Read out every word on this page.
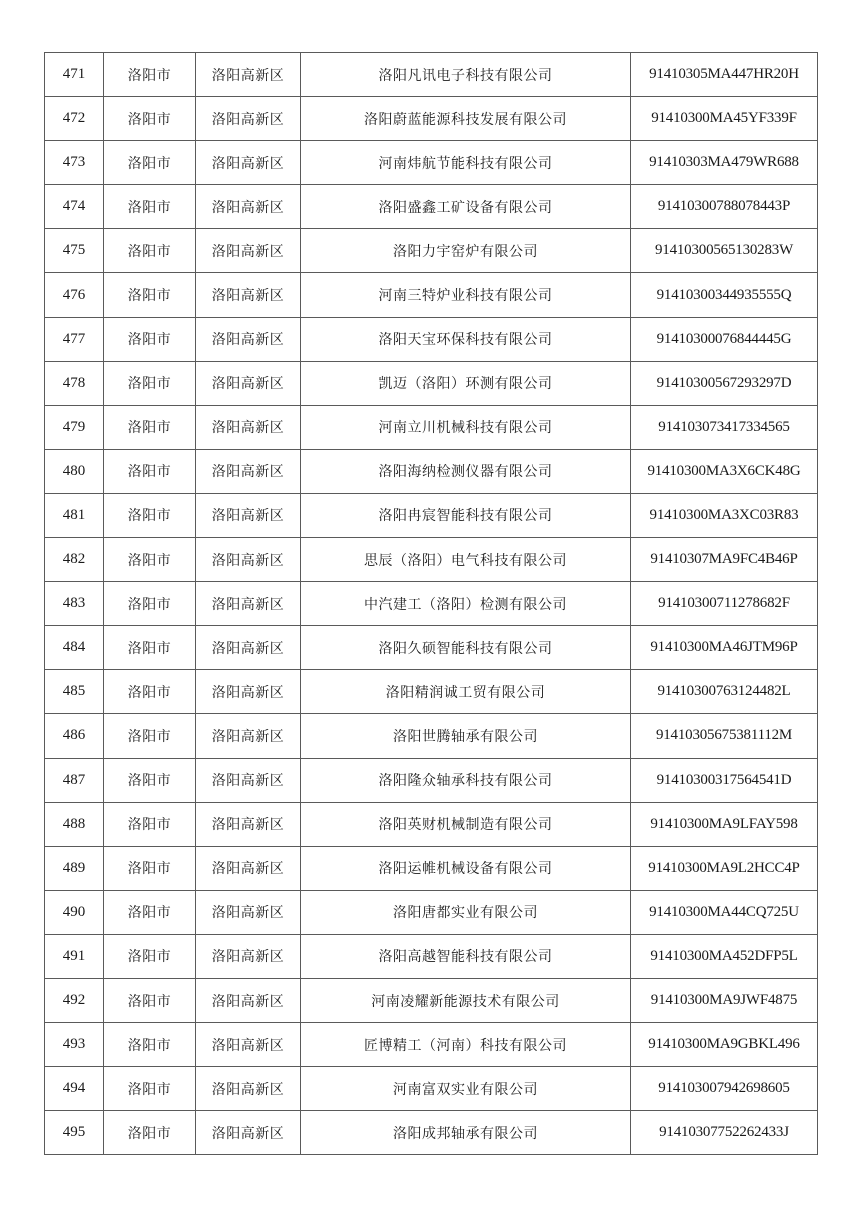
471	洛阳市	洛阳高新区	洛阳凡讯电子科技有限公司	91410305MA447HR20H
472	洛阳市	洛阳高新区	洛阳蔚蓝能源科技发展有限公司	91410300MA45YF339F
473	洛阳市	洛阳高新区	河南炜航节能科技有限公司	91410303MA479WR688
474	洛阳市	洛阳高新区	洛阳盛鑫工矿设备有限公司	91410300788078443P
475	洛阳市	洛阳高新区	洛阳力宇窑炉有限公司	91410300565130283W
476	洛阳市	洛阳高新区	河南三特炉业科技有限公司	91410300344935555Q
477	洛阳市	洛阳高新区	洛阳天宝环保科技有限公司	91410300076844445G
478	洛阳市	洛阳高新区	凯迈（洛阳）环测有限公司	91410300567293297D
479	洛阳市	洛阳高新区	河南立川机械科技有限公司	914103073417334565
480	洛阳市	洛阳高新区	洛阳海纳检测仪器有限公司	91410300MA3X6CK48G
481	洛阳市	洛阳高新区	洛阳冉宸智能科技有限公司	91410300MA3XC03R83
482	洛阳市	洛阳高新区	思辰（洛阳）电气科技有限公司	91410307MA9FC4B46P
483	洛阳市	洛阳高新区	中汽建工（洛阳）检测有限公司	91410300711278682F
484	洛阳市	洛阳高新区	洛阳久硕智能科技有限公司	91410300MA46JTM96P
485	洛阳市	洛阳高新区	洛阳精润诚工贸有限公司	91410300763124482L
486	洛阳市	洛阳高新区	洛阳世腾轴承有限公司	91410305675381112M
487	洛阳市	洛阳高新区	洛阳隆众轴承科技有限公司	91410300317564541D
488	洛阳市	洛阳高新区	洛阳英财机械制造有限公司	91410300MA9LFAY598
489	洛阳市	洛阳高新区	洛阳运帷机械设备有限公司	91410300MA9L2HCC4P
490	洛阳市	洛阳高新区	洛阳唐都实业有限公司	91410300MA44CQ725U
491	洛阳市	洛阳高新区	洛阳高越智能科技有限公司	91410300MA452DFP5L
492	洛阳市	洛阳高新区	河南凌耀新能源技术有限公司	91410300MA9JWF4875
493	洛阳市	洛阳高新区	匠博精工（河南）科技有限公司	91410300MA9GBKL496
494	洛阳市	洛阳高新区	河南富双实业有限公司	914103007942698605
495	洛阳市	洛阳高新区	洛阳成邦轴承有限公司	91410307752262433J
